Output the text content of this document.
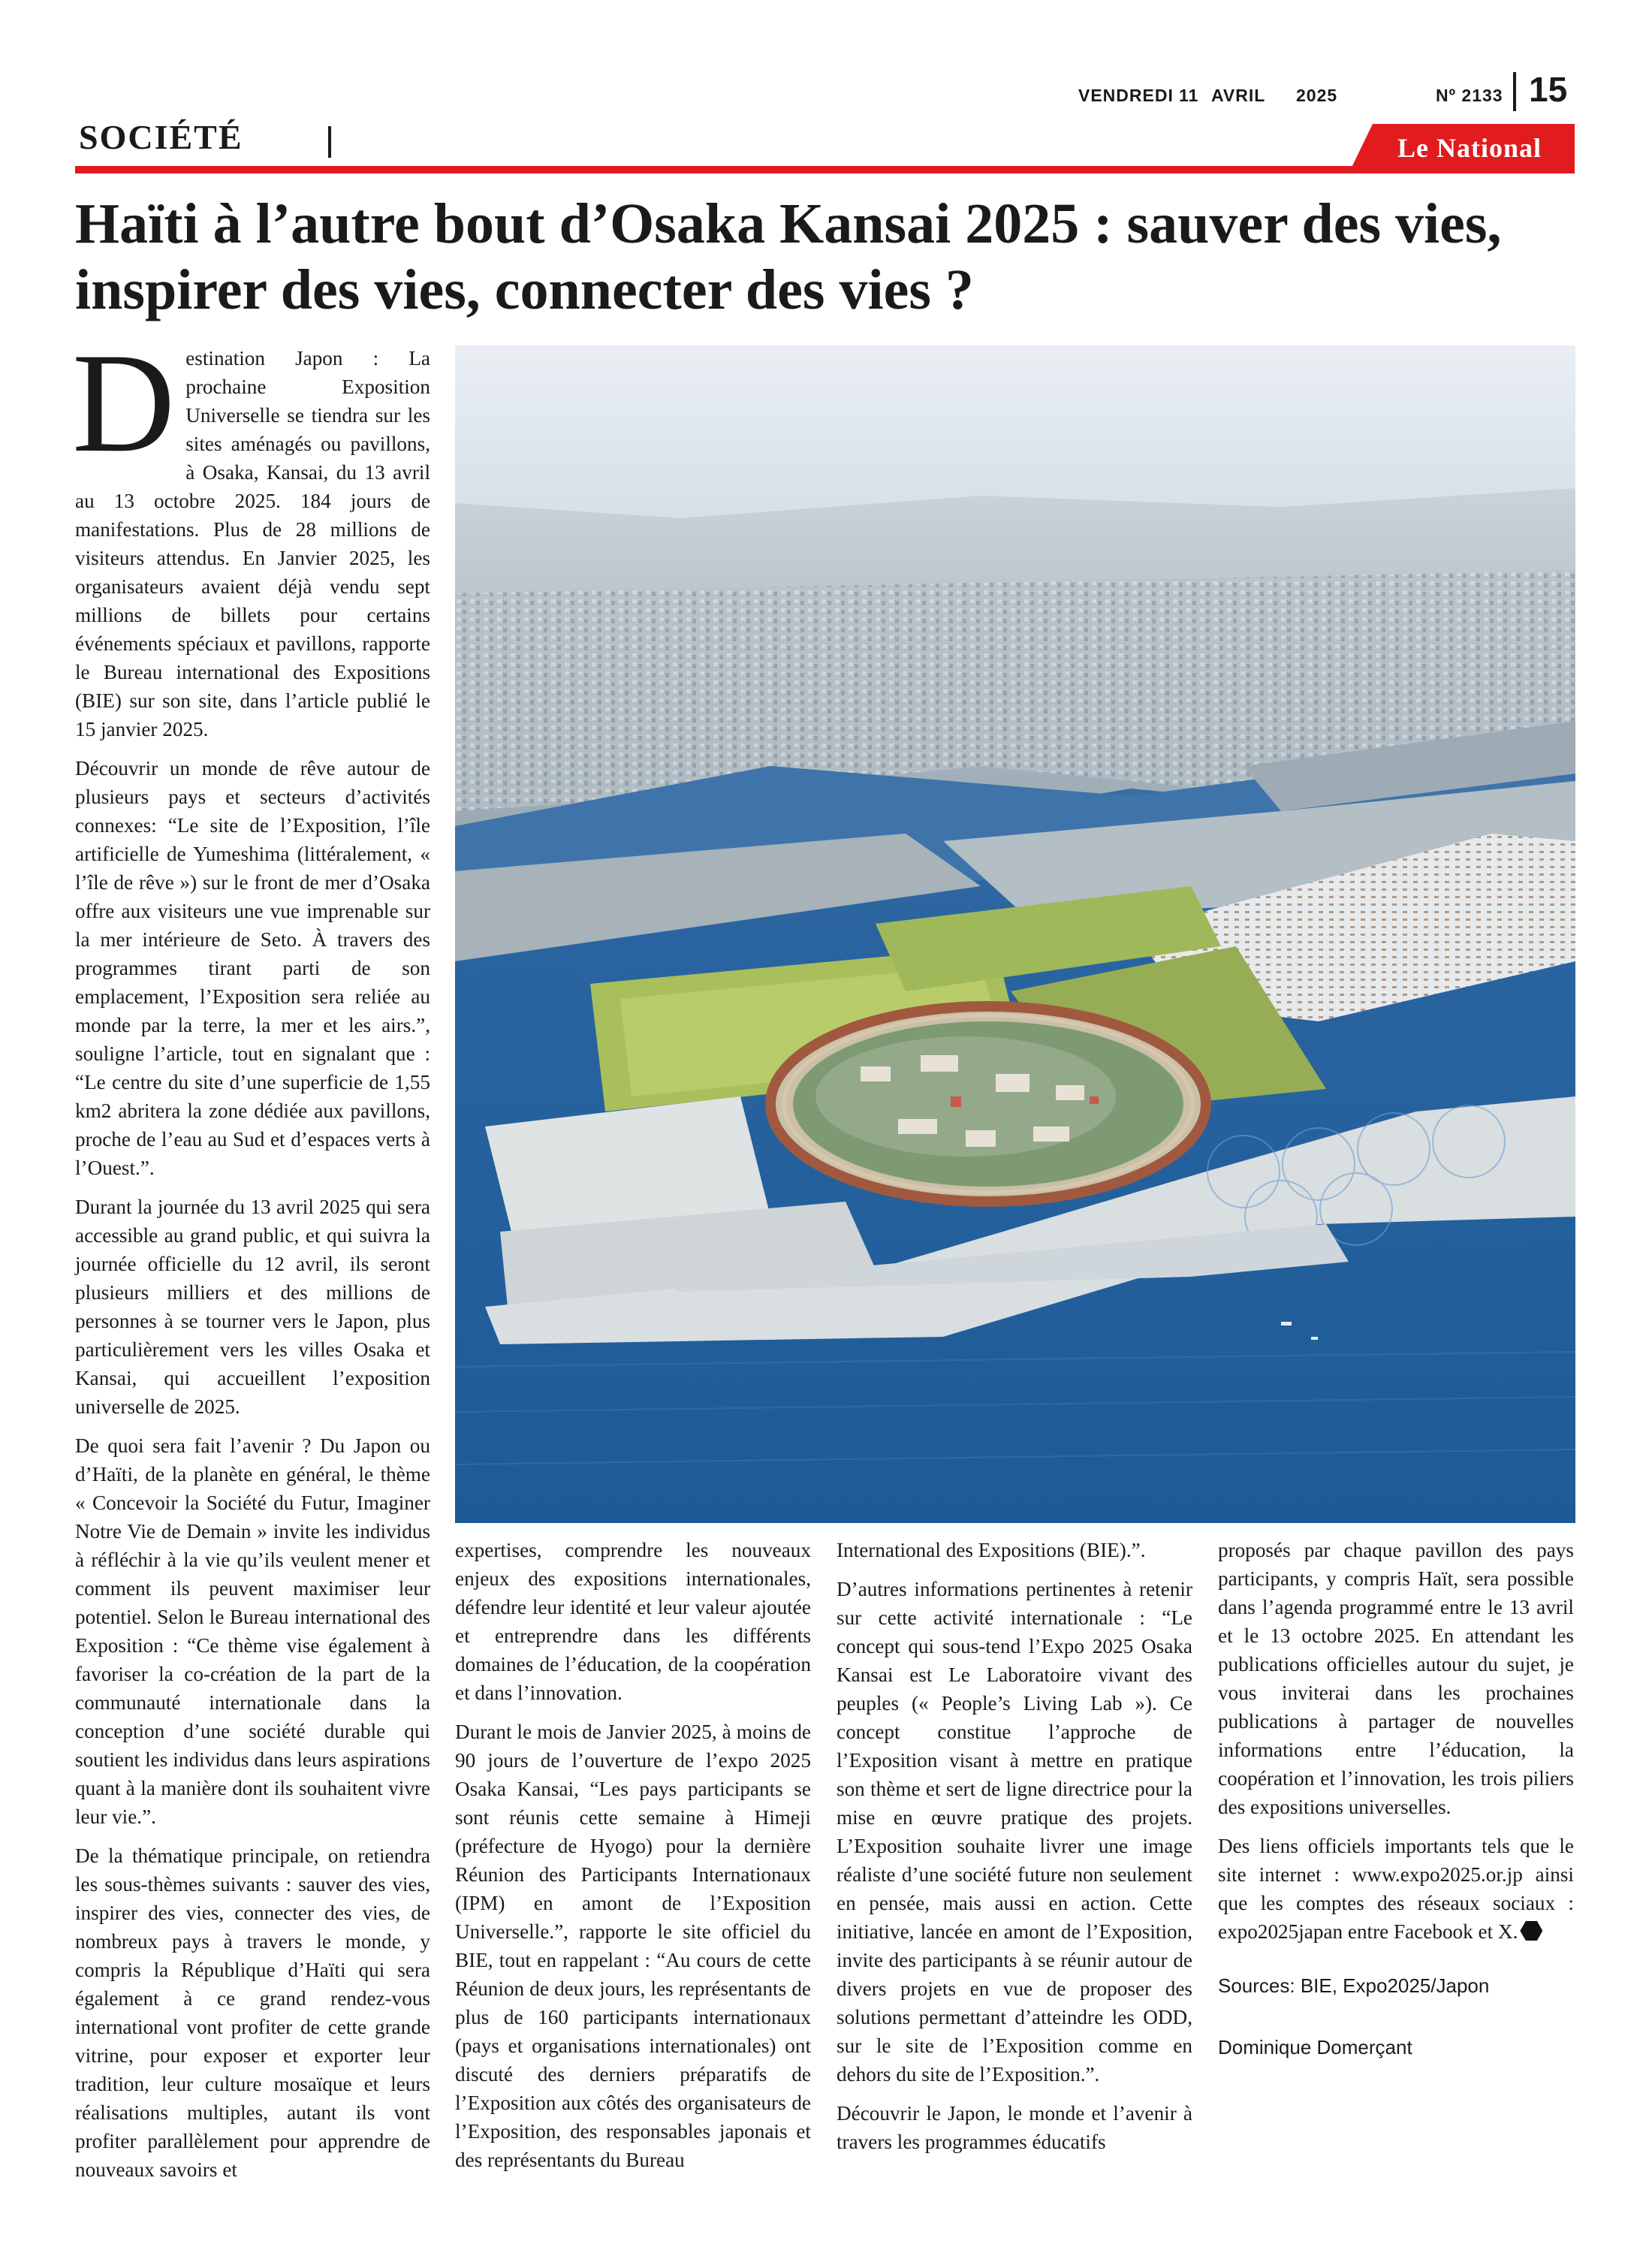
VENDREDI 11 AVRIL 2025	Nº 2133 15
SOCIÉTÉ	Le National
Haïti à l’autre bout d’Osaka Kansai 2025 : sauver des vies, inspirer des vies, connecter des vies ?

Destination Japon : La prochaine Exposition Universelle se tiendra sur les sites aménagés ou pavillons, à Osaka, Kansai, du 13 avril au 13 octobre 2025. 184 jours de manifestations. Plus de 28 millions de visiteurs attendus. En Janvier 2025, les organisateurs avaient déjà vendu sept millions de billets pour certains événements spéciaux et pavillons, rapporte le Bureau international des Expositions (BIE) sur son site, dans l’article publié le 15 janvier 2025.

Découvrir un monde de rêve autour de plusieurs pays et secteurs d’activités connexes: “Le site de l’Exposition, l’île artificielle de Yumeshima (littéralement, « l’île de rêve ») sur le front de mer d’Osaka offre aux visiteurs une vue imprenable sur la mer intérieure de Seto. À travers des programmes tirant parti de son emplacement, l’Exposition sera reliée au monde par la terre, la mer et les airs.”, souligne l’article, tout en signalant que : “Le centre du site d’une superficie de 1,55 km2 abritera la zone dédiée aux pavillons, proche de l’eau au Sud et d’espaces verts à l’Ouest.”.

Durant la journée du 13 avril 2025 qui sera accessible au grand public, et qui suivra la journée officielle du 12 avril, ils seront plusieurs milliers et des millions de personnes à se tourner vers le Japon, plus particulièrement vers les villes Osaka et Kansai, qui accueillent l’exposition universelle de 2025.

De quoi sera fait l’avenir ? Du Japon ou d’Haïti, de la planète en général, le thème « Concevoir la Société du Futur, Imaginer Notre Vie de Demain » invite les individus à réfléchir à la vie qu’ils veulent mener et comment ils peuvent maximiser leur potentiel. Selon le Bureau international des Exposition : “Ce thème vise également à favoriser la co-création de la part de la communauté internationale dans la conception d’une société durable qui soutient les individus dans leurs aspirations quant à la manière dont ils souhaitent vivre leur vie.”.

De la thématique principale, on retiendra les sous-thèmes suivants : sauver des vies, inspirer des vies, connecter des vies, de nombreux pays à travers le monde, y compris la République d’Haïti qui sera également à ce grand rendez-vous international vont profiter de cette grande vitrine, pour exposer et exporter leur tradition, leur culture mosaïque et leurs réalisations multiples, autant ils vont profiter parallèlement pour apprendre de nouveaux savoirs et

expertises, comprendre les nouveaux enjeux des expositions internationales, défendre leur identité et leur valeur ajoutée et entreprendre dans les différents domaines de l’éducation, de la coopération et dans l’innovation.

Durant le mois de Janvier 2025, à moins de 90 jours de l’ouverture de l’expo 2025 Osaka Kansai, “Les pays participants se sont réunis cette semaine à Himeji (préfecture de Hyogo) pour la dernière Réunion des Participants Internationaux (IPM) en amont de l’Exposition Universelle.”, rapporte le site officiel du BIE, tout en rappelant : “Au cours de cette Réunion de deux jours, les représentants de plus de 160 participants internationaux (pays et organisations internationales) ont discuté des derniers préparatifs de l’Exposition aux côtés des organisateurs de l’Exposition, des responsables japonais et des représentants du Bureau

International des Expositions (BIE).”.

D’autres informations pertinentes à retenir sur cette activité internationale : “Le concept qui sous-tend l’Expo 2025 Osaka Kansai est Le Laboratoire vivant des peuples (« People’s Living Lab »). Ce concept constitue l’approche de l’Exposition visant à mettre en pratique son thème et sert de ligne directrice pour la mise en œuvre pratique des projets. L’Exposition souhaite livrer une image réaliste d’une société future non seulement en pensée, mais aussi en action. Cette initiative, lancée en amont de l’Exposition, invite des participants à se réunir autour de divers projets en vue de proposer des solutions permettant d’atteindre les ODD, sur le site de l’Exposition comme en dehors du site de l’Exposition.”.

Découvrir le Japon, le monde et l’avenir à travers les programmes éducatifs

proposés par chaque pavillon des pays participants, y compris Haït, sera possible dans l’agenda programmé entre le 13 avril et le 13 octobre 2025. En attendant les publications officielles autour du sujet, je vous inviterai dans les prochaines publications à partager de nouvelles informations entre l’éducation, la coopération et l’innovation, les trois piliers des expositions universelles.

Des liens officiels importants tels que le site internet : www.expo2025.or.jp ainsi que les comptes des réseaux sociaux : expo2025japan entre Facebook et X.

Sources: BIE, Expo2025/Japon

Dominique Domerçant
